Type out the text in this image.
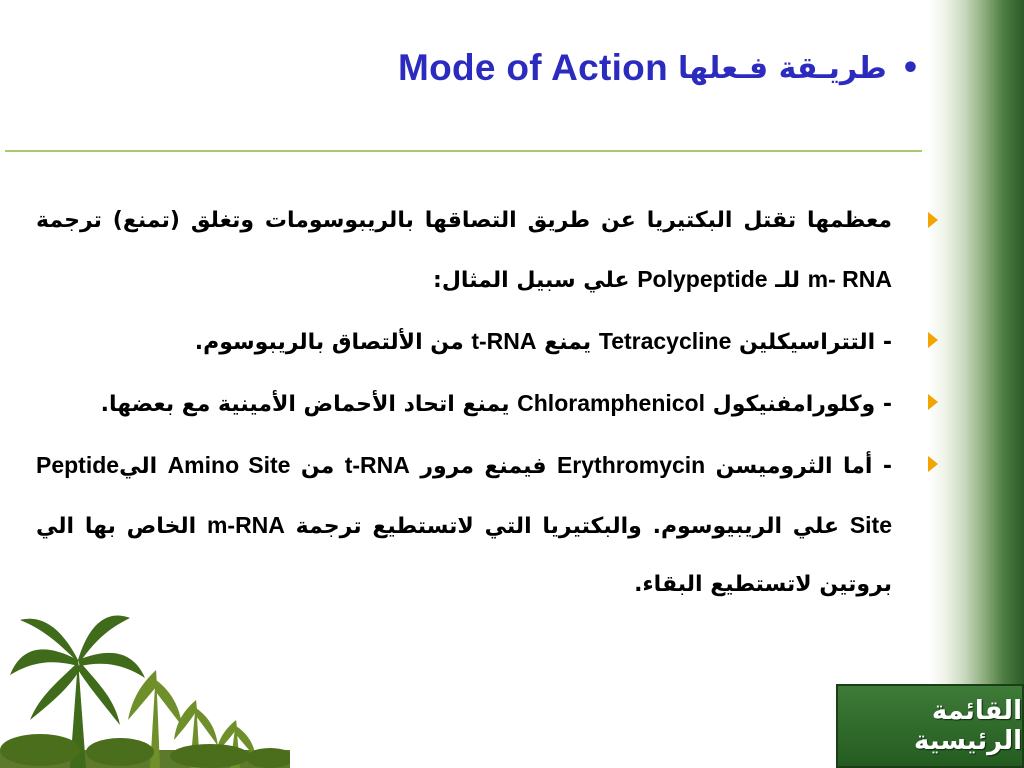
Mode of Action طريـقة فـعلها •
معظمها تقتل البكتيريا عن طريق التصاقها بالريبوسومات وتغلق (تمنع) ترجمة m- RNA للـ Polypeptide علي سبيل المثال:
- التتراسيكلين Tetracycline يمنع t-RNA من الألتصاق بالريبوسوم.
- وكلورامفنيكول Chloramphenicol يمنع اتحاد الأحماض الأمينية مع بعضها.
- أما الثروميسن Erythromycin فيمنع مرور t-RNA من Amino Site اليPeptide Site علي الريبيوسوم. والبكتيريا التي لاتستطيع ترجمة m-RNA الخاص بها الي بروتين لاتستطيع البقاء.
القائمة الرئيسية
